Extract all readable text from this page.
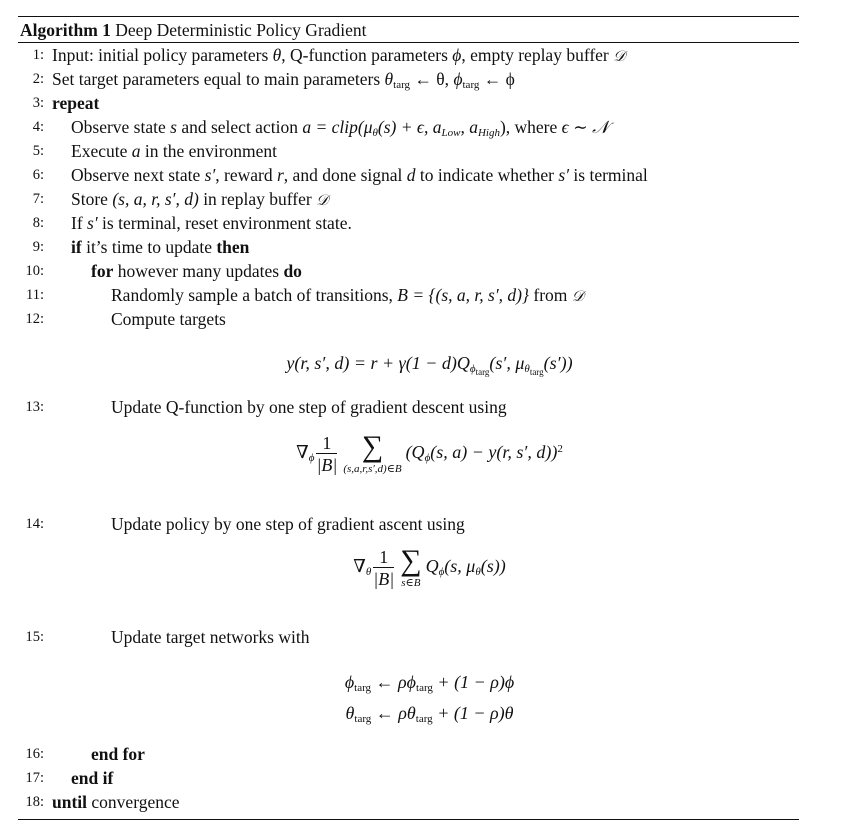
Algorithm 1 Deep Deterministic Policy Gradient
1: Input: initial policy parameters θ, Q-function parameters ϕ, empty replay buffer 𝒟
2: Set target parameters equal to main parameters $\theta_{targ}$ ← θ, $\phi_{targ}$ ← ϕ
3: repeat
4: Observe state s and select action $a = clip(\mu_\theta(s) + \epsilon$, $a_{Low}$, $a_{High}$), where ϵ ∼ 𝒩
5: Execute a in the environment
6: Observe next state s′, reward r, and done signal d to indicate whether s′ is terminal
7: Store (s, a, r, s′, d) in replay buffer 𝒟
8: If s′ is terminal, reset environment state.
9: if it’s time to update then
10:	for however many updates do
11:	Randomly sample a batch of transitions, B = {(s, a, r, s′, d)} from 𝒟
12:	Compute targets
y(r, s′, $d) = r + \gamma(1 - d)Q_{\phi_{targ}}(s'$, $\mu_{\theta_{targ}}(s')$)
13:	Update Q-function by one step of gradient descent using
$\nabla_\phi \frac{1}{|B|}$ ∑
(s,a,r,s′,d)∈B
($Q_\phi(s$, a) − y(r, s′, d))$^2$
14:	Update policy by one step of gradient ascent using
$\nabla_\theta \frac{1}{|B|}$ ∑
s∈B
$Q_\phi(s$, $\mu_\theta(s)$)
15:	Update target networks with
$\phi_{targ}$ ← $\rho\phi_{targ} + (1 - \rho)\phi$
$\theta_{targ}$ ← $\rho\theta_{targ} + (1 - \rho)\theta$
16:	end for
17: end if
18: until convergence
